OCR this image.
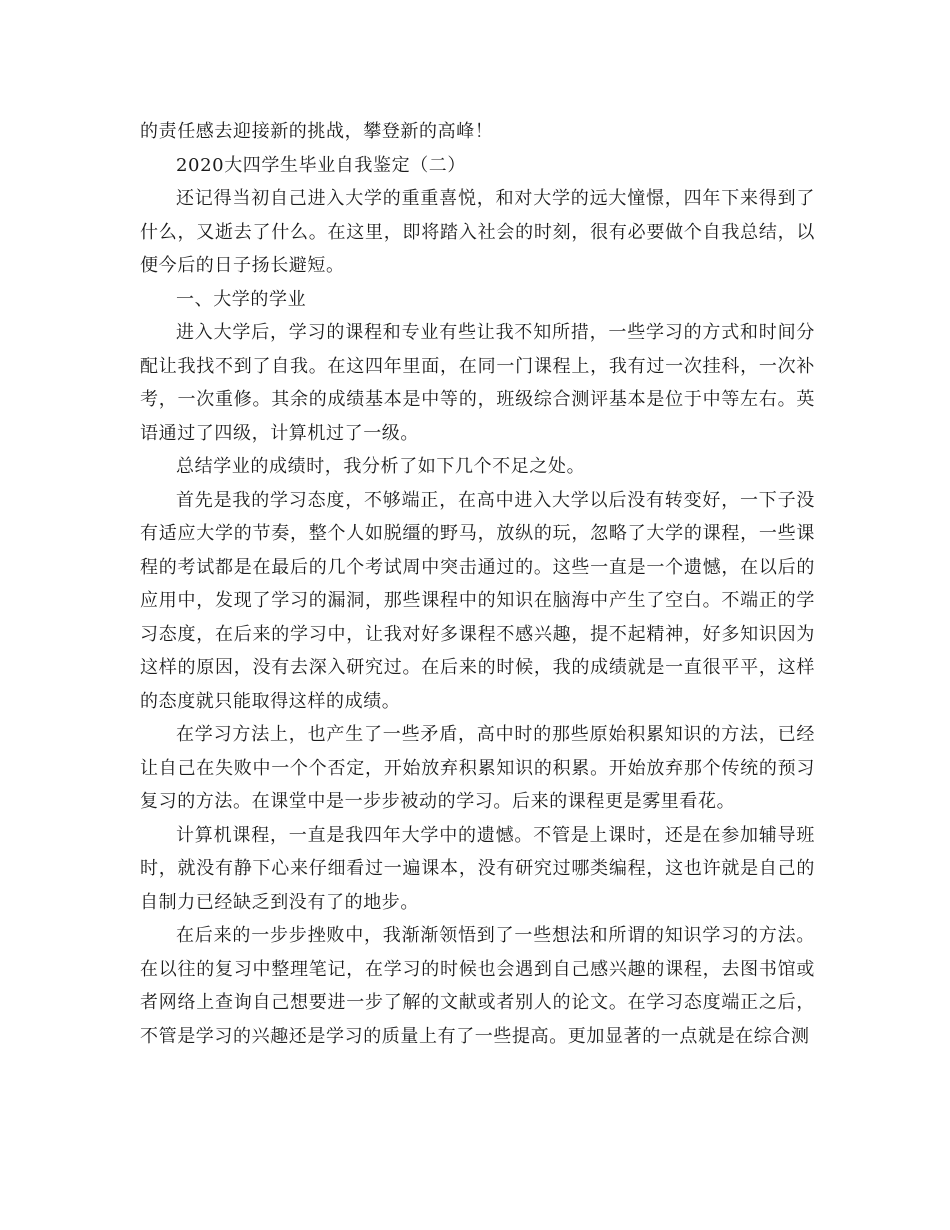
的责任感去迎接新的挑战，攀登新的高峰！

2020大四学生毕业自我鉴定（二）

还记得当初自己进入大学的重重喜悦，和对大学的远大憧憬，四年下来得到了什么，又逝去了什么。在这里，即将踏入社会的时刻，很有必要做个自我总结，以便今后的日子扬长避短。

一、大学的学业

进入大学后，学习的课程和专业有些让我不知所措，一些学习的方式和时间分配让我找不到了自我。在这四年里面，在同一门课程上，我有过一次挂科，一次补考，一次重修。其余的成绩基本是中等的，班级综合测评基本是位于中等左右。英语通过了四级，计算机过了一级。

总结学业的成绩时，我分析了如下几个不足之处。

首先是我的学习态度，不够端正，在高中进入大学以后没有转变好，一下子没有适应大学的节奏，整个人如脱缰的野马，放纵的玩，忽略了大学的课程，一些课程的考试都是在最后的几个考试周中突击通过的。这些一直是一个遗憾，在以后的应用中，发现了学习的漏洞，那些课程中的知识在脑海中产生了空白。不端正的学习态度，在后来的学习中，让我对好多课程不感兴趣，提不起精神，好多知识因为这样的原因，没有去深入研究过。在后来的时候，我的成绩就是一直很平平，这样的态度就只能取得这样的成绩。

在学习方法上，也产生了一些矛盾，高中时的那些原始积累知识的方法，已经让自己在失败中一个个否定，开始放弃积累知识的积累。开始放弃那个传统的预习复习的方法。在课堂中是一步步被动的学习。后来的课程更是雾里看花。

计算机课程，一直是我四年大学中的遗憾。不管是上课时，还是在参加辅导班时，就没有静下心来仔细看过一遍课本，没有研究过哪类编程，这也许就是自己的自制力已经缺乏到没有了的地步。

在后来的一步步挫败中，我渐渐领悟到了一些想法和所谓的知识学习的方法。在以往的复习中整理笔记，在学习的时候也会遇到自己感兴趣的课程，去图书馆或者网络上查询自己想要进一步了解的文献或者别人的论文。在学习态度端正之后，不管是学习的兴趣还是学习的质量上有了一些提高。更加显著的一点就是在综合测
